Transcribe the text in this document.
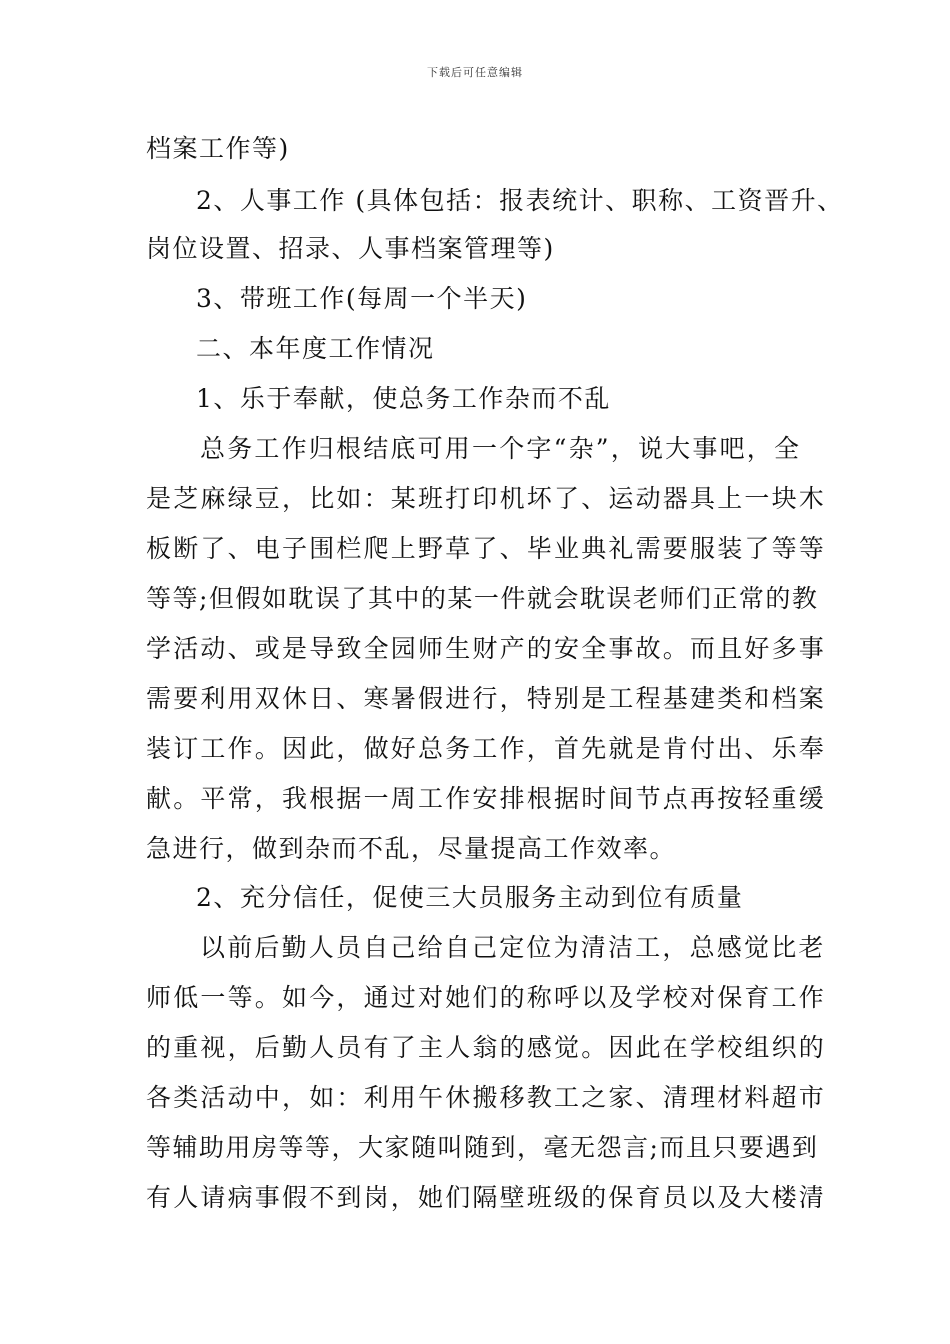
下载后可任意编辑
档案工作等)
2、人事工作 (具体包括：报表统计、职称、工资晋升、
岗位设置、招录、人事档案管理等)
3、带班工作(每周一个半天)
二、本年度工作情况
1、乐于奉献，使总务工作杂而不乱
总务工作归根结底可用一个字“杂”，说大事吧，全
是芝麻绿豆，比如：某班打印机坏了、运动器具上一块木
板断了、电子围栏爬上野草了、毕业典礼需要服装了等等
等等;但假如耽误了其中的某一件就会耽误老师们正常的教
学活动、或是导致全园师生财产的安全事故。而且好多事
需要利用双休日、寒暑假进行，特别是工程基建类和档案
装订工作。因此，做好总务工作，首先就是肯付出、乐奉
献。平常，我根据一周工作安排根据时间节点再按轻重缓
急进行，做到杂而不乱，尽量提高工作效率。
2、充分信任，促使三大员服务主动到位有质量
以前后勤人员自己给自己定位为清洁工，总感觉比老
师低一等。如今，通过对她们的称呼以及学校对保育工作
的重视，后勤人员有了主人翁的感觉。因此在学校组织的
各类活动中，如：利用午休搬移教工之家、清理材料超市
等辅助用房等等，大家随叫随到，毫无怨言;而且只要遇到
有人请病事假不到岗，她们隔壁班级的保育员以及大楼清
